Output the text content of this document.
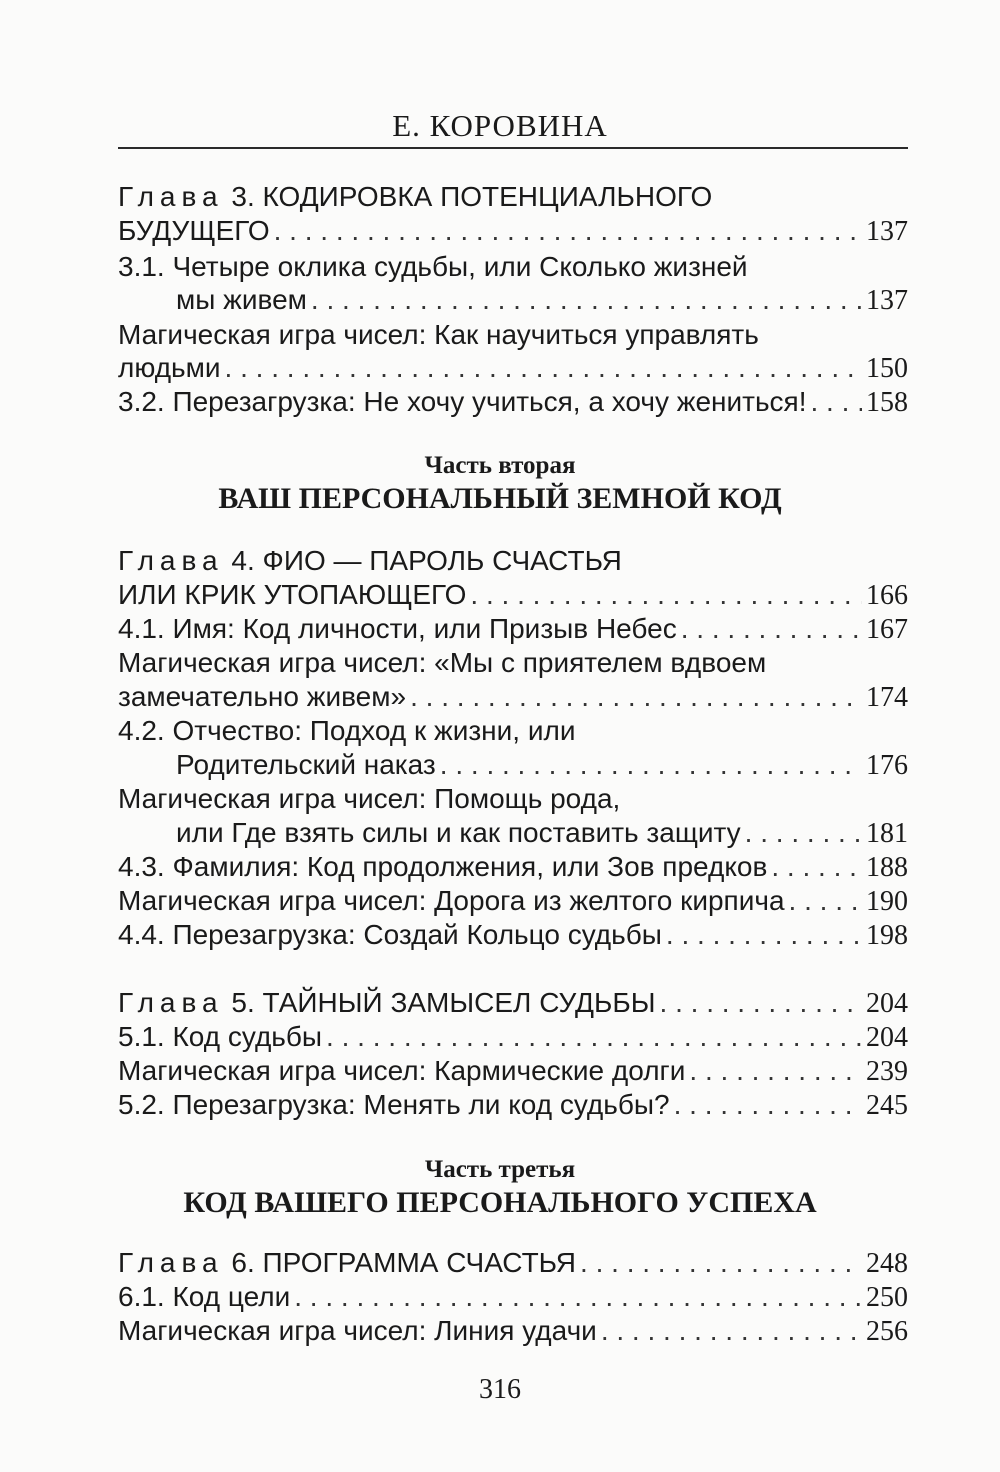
Е. КОРОВИНА
Глава 3. КОДИРОВКА ПОТЕНЦИАЛЬНОГО
БУДУЩЕГО . . .	137
3.1. Четыре оклика судьбы, или Сколько жизней
мы живем . . .	137
Магическая игра чисел: Как научиться управлять
людьми . . .	150
3.2. Перезагрузка: Не хочу учиться, а хочу жениться! . . . 158
Часть вторая
ВАШ ПЕРСОНАЛЬНЫЙ ЗЕМНОЙ КОД
Глава 4. ФИО — ПАРОЛЬ СЧАСТЬЯ
ИЛИ КРИК УТОПАЮЩЕГО . . .	166
4.1. Имя: Код личности, или Призыв Небес . . .	167
Магическая игра чисел: «Мы с приятелем вдвоем
замечательно живем» . . .	174
4.2. Отчество: Подход к жизни, или
Родительский наказ . . .	176
Магическая игра чисел: Помощь рода,
или Где взять силы и как поставить защиту . . .	181
4.3. Фамилия: Код продолжения, или Зов предков . . .	188
Магическая игра чисел: Дорога из желтого кирпича . . .	190
4.4. Перезагрузка: Создай Кольцо судьбы . . .	198
Глава 5. ТАЙНЫЙ ЗАМЫСЕЛ СУДЬБЫ . . .	204
5.1. Код судьбы . . .	204
Магическая игра чисел: Кармические долги . . .	239
5.2. Перезагрузка: Менять ли код судьбы? . . .	245
Часть третья
КОД ВАШЕГО ПЕРСОНАЛЬНОГО УСПЕХА
Глава 6. ПРОГРАММА СЧАСТЬЯ . . .	248
6.1. Код цели . . .	250
Магическая игра чисел: Линия удачи . . .	256
316
